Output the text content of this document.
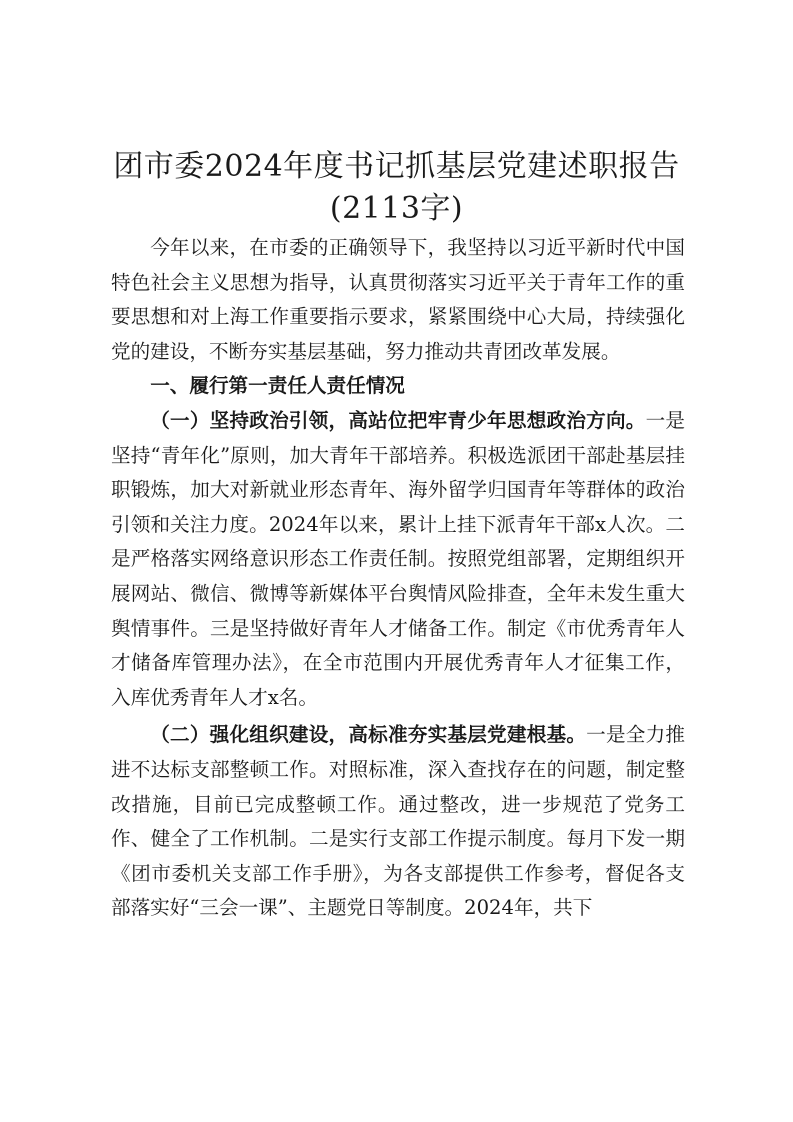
团市委2024年度书记抓基层党建述职报告
(2113字)

今年以来，在市委的正确领导下，我坚持以习近平新时代中国特色社会主义思想为指导，认真贯彻落实习近平关于青年工作的重要思想和对上海工作重要指示要求，紧紧围绕中心大局，持续强化党的建设，不断夯实基层基础，努力推动共青团改革发展。

一、履行第一责任人责任情况

（一）坚持政治引领，高站位把牢青少年思想政治方向。一是坚持“青年化”原则，加大青年干部培养。积极选派团干部赴基层挂职锻炼，加大对新就业形态青年、海外留学归国青年等群体的政治引领和关注力度。2024年以来，累计上挂下派青年干部x人次。二是严格落实网络意识形态工作责任制。按照党组部署，定期组织开展网站、微信、微博等新媒体平台舆情风险排查，全年未发生重大舆情事件。三是坚持做好青年人才储备工作。制定《市优秀青年人才储备库管理办法》，在全市范围内开展优秀青年人才征集工作，入库优秀青年人才x名。

（二）强化组织建设，高标准夯实基层党建根基。一是全力推进不达标支部整顿工作。对照标准，深入查找存在的问题，制定整改措施，目前已完成整顿工作。通过整改，进一步规范了党务工作、健全了工作机制。二是实行支部工作提示制度。每月下发一期《团市委机关支部工作手册》，为各支部提供工作参考，督促各支部落实好“三会一课”、主题党日等制度。2024年，共下
